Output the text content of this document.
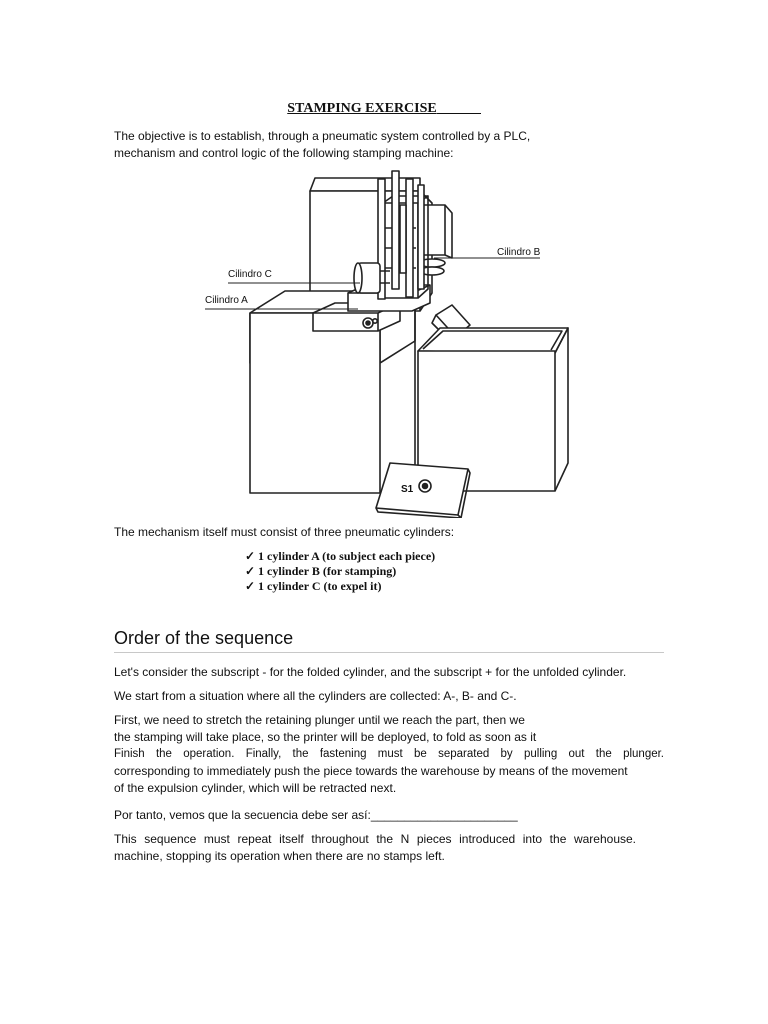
STAMPING EXERCISE
The objective is to establish, through a pneumatic system controlled by a PLC,
mechanism and control logic of the following stamping machine:
Cilindro A
Cilindro C
Cilindro B
S1
The mechanism itself must consist of three pneumatic cylinders:
✓ 1 cylinder A (to subject each piece)
✓ 1 cylinder B (for stamping)
✓ 1 cylinder C (to expel it)
Order of the sequence
Let's consider the subscript - for the folded cylinder, and the subscript + for the unfolded cylinder.
We start from a situation where all the cylinders are collected: A-, B- and C-.
First, we need to stretch the retaining plunger until we reach the part, then we
the stamping will take place, so the printer will be deployed, to fold as soon as it
Finish the operation. Finally, the fastening must be separated by pulling out the plunger.
corresponding to immediately push the piece towards the warehouse by means of the movement
of the expulsion cylinder, which will be retracted next.
Por tanto, vemos que la secuencia debe ser así:______________________
This sequence must repeat itself throughout the N pieces introduced into the warehouse.
machine, stopping its operation when there are no stamps left.
